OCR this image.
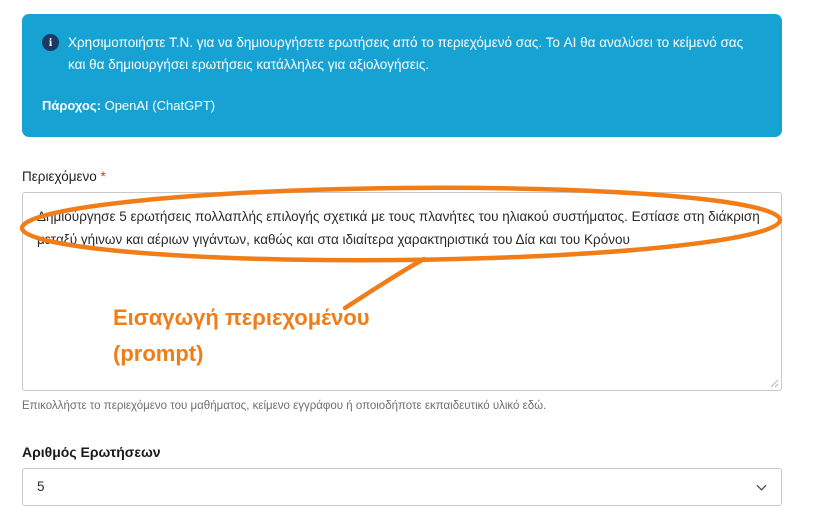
i	Χρησιμοποιήστε Τ.Ν. για να δημιουργήσετε ερωτήσεις από το περιεχόμενό σας. Το AI θα αναλύσει το κείμενό σας και θα δημιουργήσει ερωτήσεις κατάλληλες για αξιολογήσεις.
Πάροχος: OpenAI (ChatGPT)
Περιεχόμενο *
Δημιούργησε 5 ερωτήσεις πολλαπλής επιλογής σχετικά με τους πλανήτες του ηλιακού συστήματος. Εστίασε στη διάκριση μεταξύ γήινων και αέριων γιγάντων, καθώς και στα ιδιαίτερα χαρακτηριστικά του Δία και του Κρόνου
Επικολλήστε το περιεχόμενο του μαθήματος, κείμενο εγγράφου ή οποιοδήποτε εκπαιδευτικό υλικό εδώ.
Αριθμός Ερωτήσεων
5
Εισαγωγή περιεχομένου
(prompt)
